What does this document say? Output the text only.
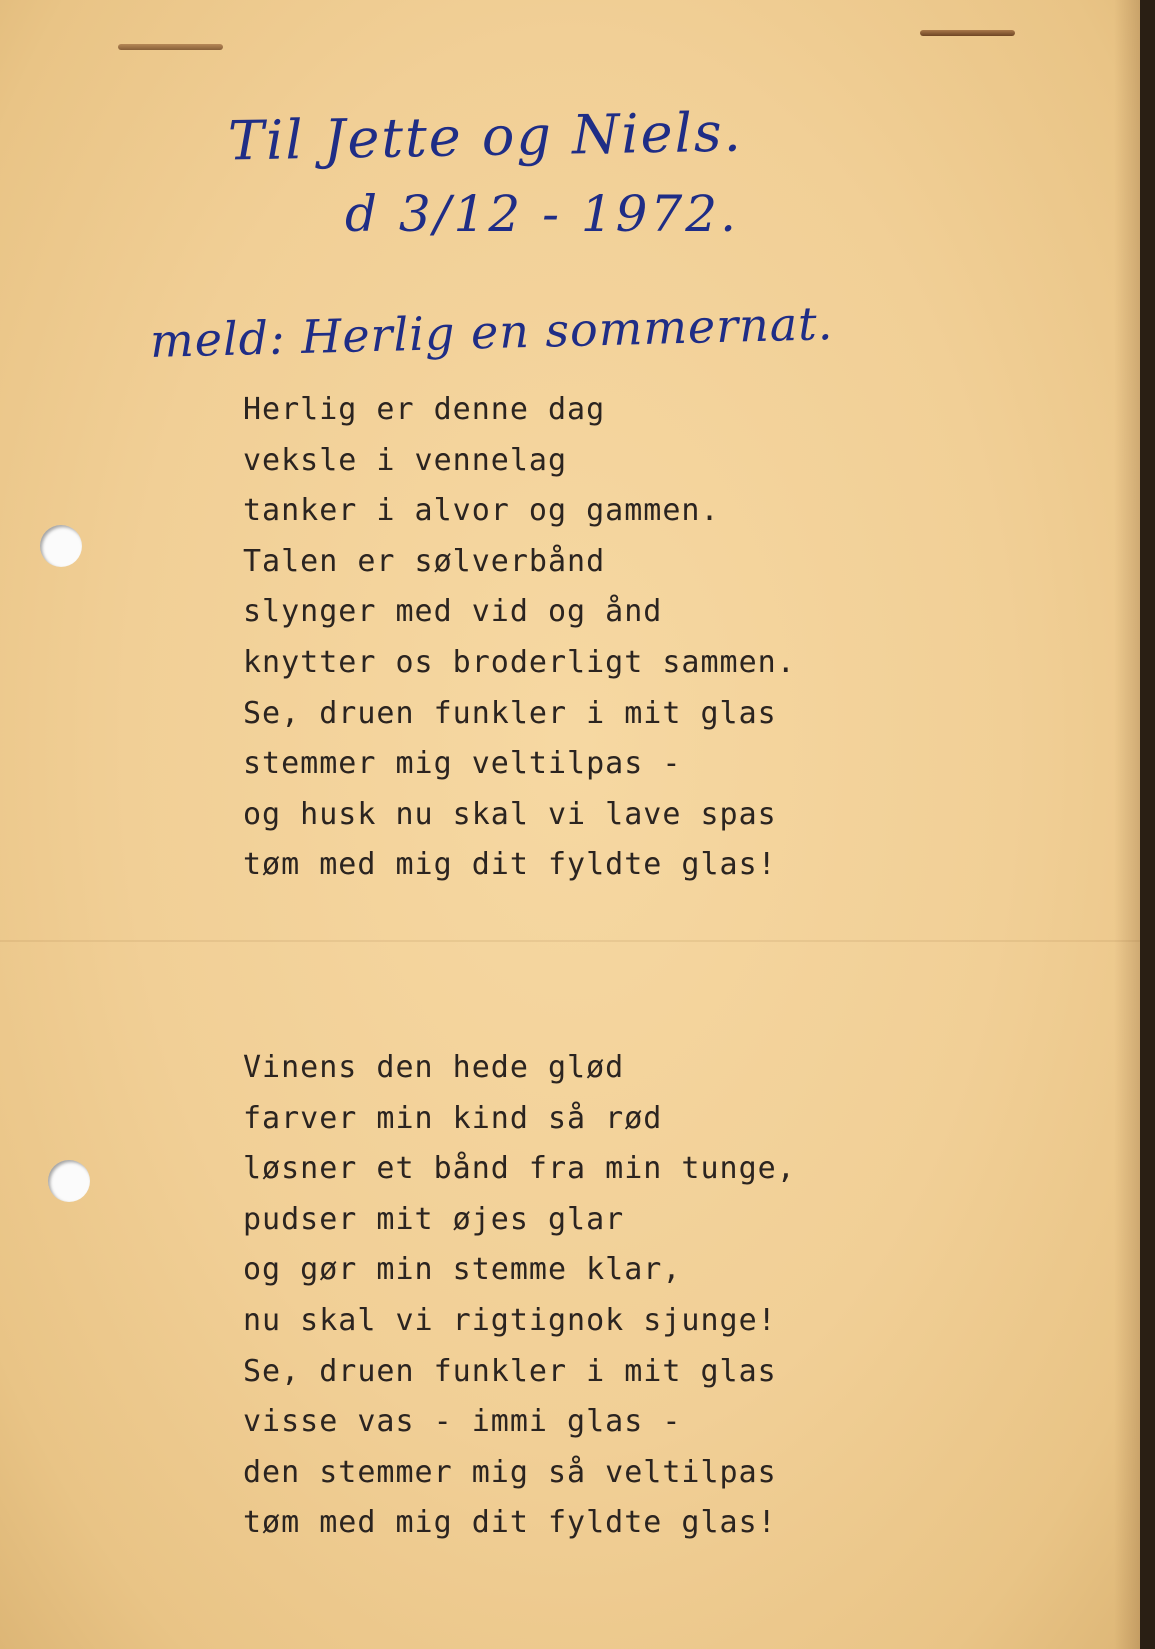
Til Jette og Niels.
d 3/12 - 1972.
meld: Herlig en sommernat.
Herlig er denne dag
veksle i vennelag
tanker i alvor og gammen.
Talen er sølverbånd
slynger med vid og ånd
knytter os broderligt sammen.
Se, druen funkler i mit glas
stemmer mig veltilpas -
og husk nu skal vi lave spas
tøm med mig dit fyldte glas!
Vinens den hede glød
farver min kind så rød
løsner et bånd fra min tunge,
pudser mit øjes glar
og gør min stemme klar,
nu skal vi rigtignok sjunge!
Se, druen funkler i mit glas
visse vas - immi glas -
den stemmer mig så veltilpas
tøm med mig dit fyldte glas!
